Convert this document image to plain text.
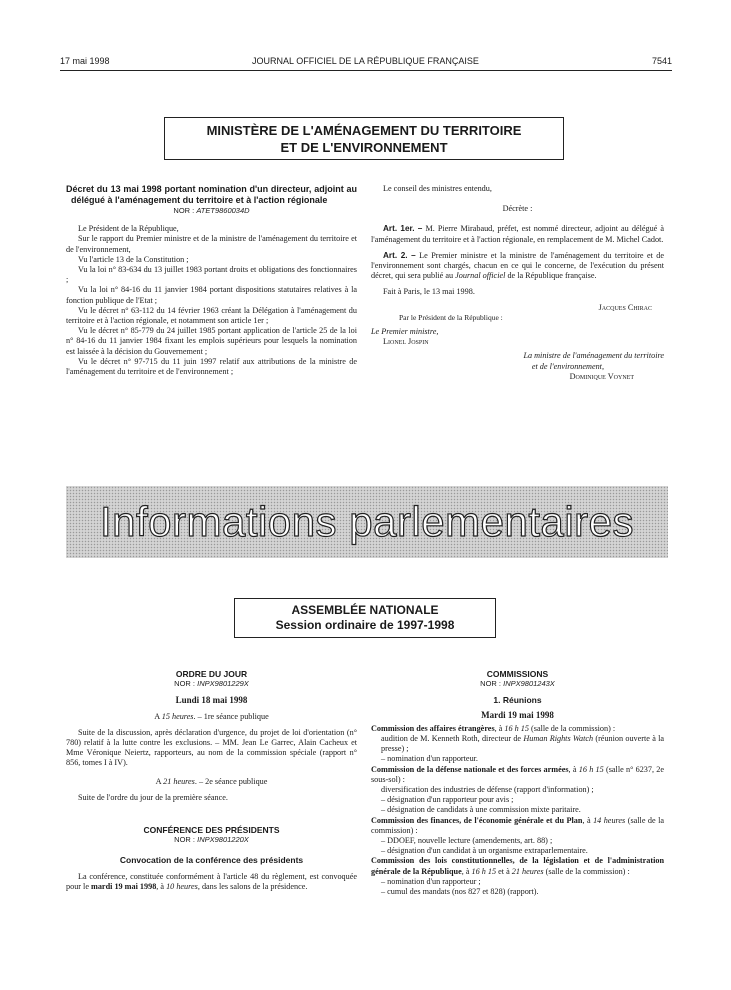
17 mai 1998	JOURNAL OFFICIEL DE LA RÉPUBLIQUE FRANÇAISE	7541
MINISTÈRE DE L'AMÉNAGEMENT DU TERRITOIRE
ET DE L'ENVIRONNEMENT

Décret du 13 mai 1998 portant nomination d'un directeur, adjoint au délégué à l'aménagement du territoire et à l'action régionale

NOR : ATET9860034D

Le Président de la République,

Sur le rapport du Premier ministre et de la ministre de l'aménagement du territoire et de l'environnement,

Vu l'article 13 de la Constitution ;

Vu la loi n° 83-634 du 13 juillet 1983 portant droits et obligations des fonctionnaires ;

Vu la loi n° 84-16 du 11 janvier 1984 portant dispositions statutaires relatives à la fonction publique de l'Etat ;

Vu le décret n° 63-112 du 14 février 1963 créant la Délégation à l'aménagement du territoire et à l'action régionale, et notamment son article 1er ;

Vu le décret n° 85-779 du 24 juillet 1985 portant application de l'article 25 de la loi n° 84-16 du 11 janvier 1984 fixant les emplois supérieurs pour lesquels la nomination est laissée à la décision du Gouvernement ;

Vu le décret n° 97-715 du 11 juin 1997 relatif aux attributions de la ministre de l'aménagement du territoire et de l'environnement ;

Le conseil des ministres entendu,

Décrète :

Art. 1er. – M. Pierre Mirabaud, préfet, est nommé directeur, adjoint au délégué à l'aménagement du territoire et à l'action régionale, en remplacement de M. Michel Cadot.

Art. 2. – Le Premier ministre et la ministre de l'aménagement du territoire et de l'environnement sont chargés, chacun en ce qui le concerne, de l'exécution du présent décret, qui sera publié au Journal officiel de la République française.

Fait à Paris, le 13 mai 1998.

Jacques Chirac

Par le Président de la République :

Le Premier ministre,

Lionel Jospin

La ministre de l'aménagement du territoire

et de l'environnement,

Dominique Voynet

Informations parlementaires
ASSEMBLÉE NATIONALE
Session ordinaire de 1997-1998

ORDRE DU JOUR

NOR : INPX9801229X

Lundi 18 mai 1998

A 15 heures. – 1re séance publique

Suite de la discussion, après déclaration d'urgence, du projet de loi d'orientation (n° 780) relatif à la lutte contre les exclusions. – MM. Jean Le Garrec, Alain Cacheux et Mme Véronique Neiertz, rapporteurs, au nom de la commission spéciale (rapport n° 856, tomes I à IV).

A 21 heures. – 2e séance publique

Suite de l'ordre du jour de la première séance.

CONFÉRENCE DES PRÉSIDENTS

NOR : INPX9801220X

Convocation de la conférence des présidents

La conférence, constituée conformément à l'article 48 du règlement, est convoquée pour le mardi 19 mai 1998, à 10 heures, dans les salons de la présidence.

COMMISSIONS

NOR : INPX9801243X

1. Réunions

Mardi 19 mai 1998

Commission des affaires étrangères, à 16 h 15 (salle de la commission) :

audition de M. Kenneth Roth, directeur de Human Rights Watch (réunion ouverte à la presse) ;

– nomination d'un rapporteur.

Commission de la défense nationale et des forces armées, à 16 h 15 (salle n° 6237, 2e sous-sol) :

diversification des industries de défense (rapport d'information) ;

– désignation d'un rapporteur pour avis ;

– désignation de candidats à une commission mixte paritaire.

Commission des finances, de l'économie générale et du Plan, à 14 heures (salle de la commission) :

– DDOEF, nouvelle lecture (amendements, art. 88) ;

– désignation d'un candidat à un organisme extraparlementaire.

Commission des lois constitutionnelles, de la législation et de l'administration générale de la République, à 16 h 15 et à 21 heures (salle de la commission) :

– nomination d'un rapporteur ;

– cumul des mandats (nos 827 et 828) (rapport).
